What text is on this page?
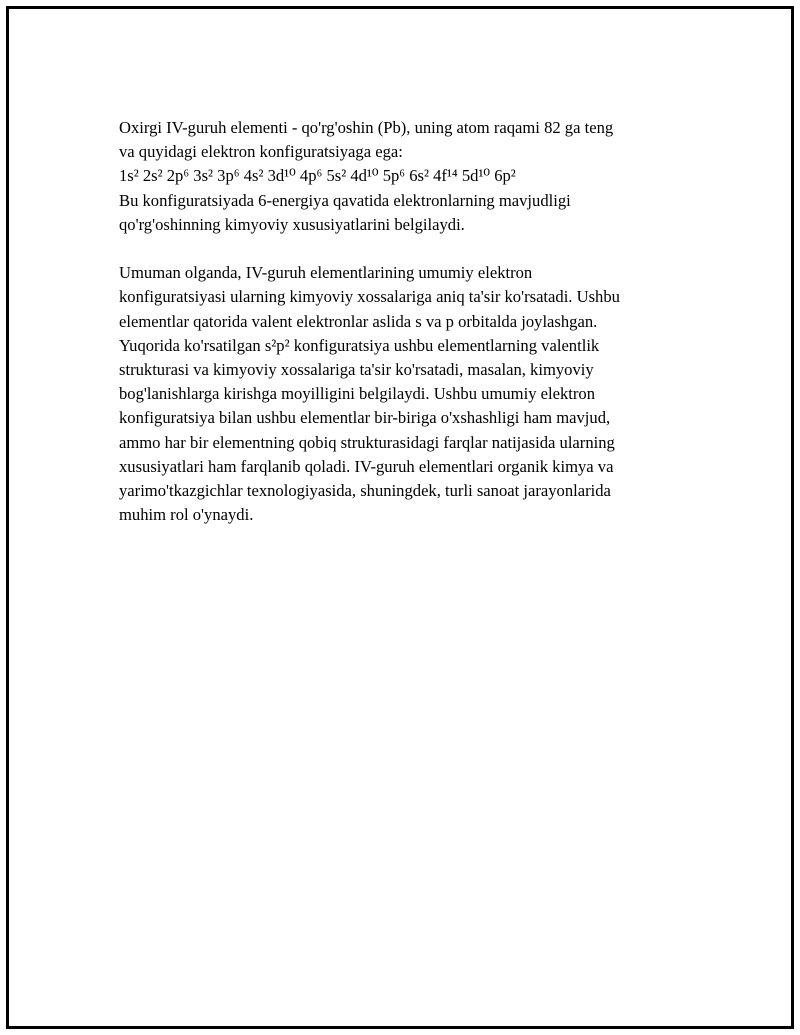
Oxirgi IV-guruh elementi - qo'rg'oshin (Pb), uning atom raqami 82 ga teng
va quyidagi elektron konfiguratsiyaga ega:
1s² 2s² 2p⁶ 3s² 3p⁶ 4s² 3d¹⁰ 4p⁶ 5s² 4d¹⁰ 5p⁶ 6s² 4f¹⁴ 5d¹⁰ 6p²
Bu konfiguratsiyada 6-energiya qavatida elektronlarning mavjudligi
qo'rg'oshinning kimyoviy xususiyatlarini belgilaydi.

Umuman olganda, IV-guruh elementlarining umumiy elektron
konfiguratsiyasi ularning kimyoviy xossalariga aniq ta'sir ko'rsatadi. Ushbu
elementlar qatorida valent elektronlar aslida s va p orbitalda joylashgan.
Yuqorida ko'rsatilgan s²p² konfiguratsiya ushbu elementlarning valentlik
strukturasi va kimyoviy xossalariga ta'sir ko'rsatadi, masalan, kimyoviy
bog'lanishlarga kirishga moyilligini belgilaydi. Ushbu umumiy elektron
konfiguratsiya bilan ushbu elementlar bir-biriga o'xshashligi ham mavjud,
ammo har bir elementning qobiq strukturasidagi farqlar natijasida ularning
xususiyatlari ham farqlanib qoladi. IV-guruh elementlari organik kimya va
yarimo'tkazgichlar texnologiyasida, shuningdek, turli sanoat jarayonlarida
muhim rol o'ynaydi.
